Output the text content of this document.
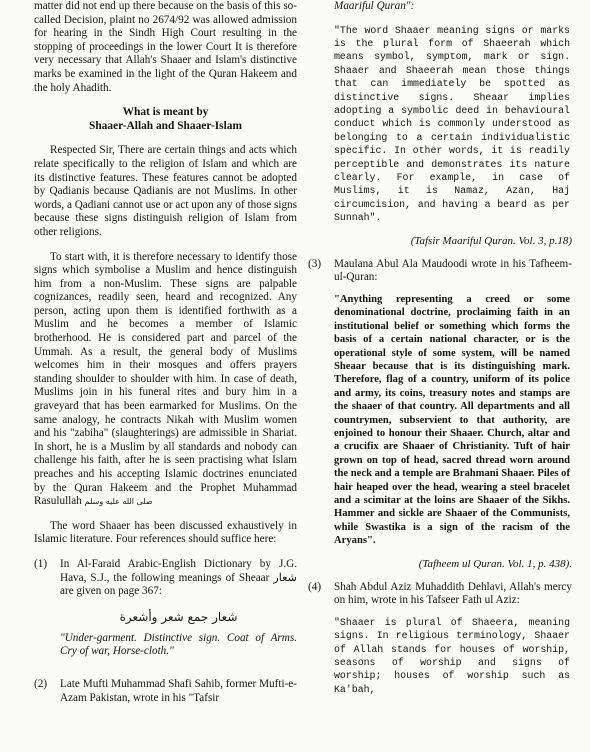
matter did not end up there because on the basis of this so-called Decision, plaint no 2674/92 was allowed admission for hearing in the Sindh High Court resulting in the stopping of proceedings in the lower Court It is therefore very necessary that Allah's Shaaer and Islam's distinctive marks be examined in the light of the Quran Hakeem and the holy Ahadith.

What is meant by
Shaaer-Allah and Shaaer-Islam

Respected Sir, There are certain things and acts which relate specifically to the religion of Islam and which are its distinctive features. These features cannot be adopted by Qadianis because Qadianis are not Muslims. In other words, a Qadiani cannot use or act upon any of those signs because these signs distinguish religion of Islam from other religions.

To start with, it is therefore necessary to identify those signs which symbolise a Muslim and hence distinguish him from a non-Muslim. These signs are palpable cognizances, readily seen, heard and recognized. Any person, acting upon them is identified forthwith as a Muslim and he becomes a member of Islamic brotherhood. He is considered part and parcel of the Ummah. As a result, the general body of Muslims welcomes him in their mosques and offers prayers standing shoulder to shoulder with him. In case of death, Muslims join in his funeral rites and bury him in a graveyard that has been earmarked for Muslims. On the same analogy, he contracts Nikah with Muslim women and his "zabiha" (slaughterings) are admissible in Shariat. In short, he is a Muslim by all standards and nobody can challenge his faith, after he is seen practising what Islam preaches and his accepting Islamic doctrines enunciated by the Quran Hakeem and the Prophet Muhammad Rasulullah صلى الله عليه وسلم

The word Shaaer has been discussed exhaustively in Islamic literature. Four references should suffice here:

(1)	In Al-Faraid Arabic-English Dictionary by J.G. Hava, S.J., the following meanings of Sheaar شعار are given on page 367:

شعار جمع شعر وأشعرة

"Under-garment. Distinctive sign. Coat of Arms. Cry of war, Horse-cloth."

(2)	Late Mufti Muhammad Shafi Sahib, former Mufti-e-Azam Pakistan, wrote in his "Tafsir

Maariful Quran":

"The word Shaaer meaning signs or marks is the plural form of Shaeerah which means symbol, symptom, mark or sign. Shaaer and Shaeerah mean those things that can immediately be spotted as distinctive signs. Sheaar implies adopting a symbolic deed in behavioural conduct which is commonly understood as belonging to a certain individualistic specific. In other words, it is readily perceptible and demonstrates its nature clearly. For example, in case of Muslims, it is Namaz, Azan, Haj circumcision, and having a beard as per Sunnah".

(Tafsir Maariful Quran. Vol. 3, p.18)
(3)	Maulana Abul Ala Maudoodi wrote in his Tafheem-ul-Quran:

"Anything representing a creed or some denominational doctrine, proclaiming faith in an institutional belief or something which forms the basis of a certain national character, or is the operational style of some system, will be named Sheaar because that is its distinguishing mark. Therefore, flag of a country, uniform of its police and army, its coins, treasury notes and stamps are the shaaer of that country. All departments and all countrymen, subservient to that authority, are enjoined to honour their Shaaer. Church, altar and a crucifix are Shaaer of Christianity. Tuft of hair grown on top of head, sacred thread worn around the neck and a temple are Brahmani Shaaer. Piles of hair heaped over the head, wearing a steel bracelet and a scimitar at the loins are Shaaer of the Sikhs. Hammer and sickle are Shaaer of the Communists, while Swastika is a sign of the racism of the Aryans".

(Tafheem ul Quran. Vol. 1, p. 438).
(4)	Shah Abdul Aziz Muhaddith Dehlavi, Allah's mercy on him, wrote in his Tafseer Fath ul Aziz:

"Shaaer is plural of Shaeera, meaning signs. In religious terminology, Shaaer of Allah stands for houses of worship, seasons of worship and signs of worship; houses of worship such as Ka'bah,
